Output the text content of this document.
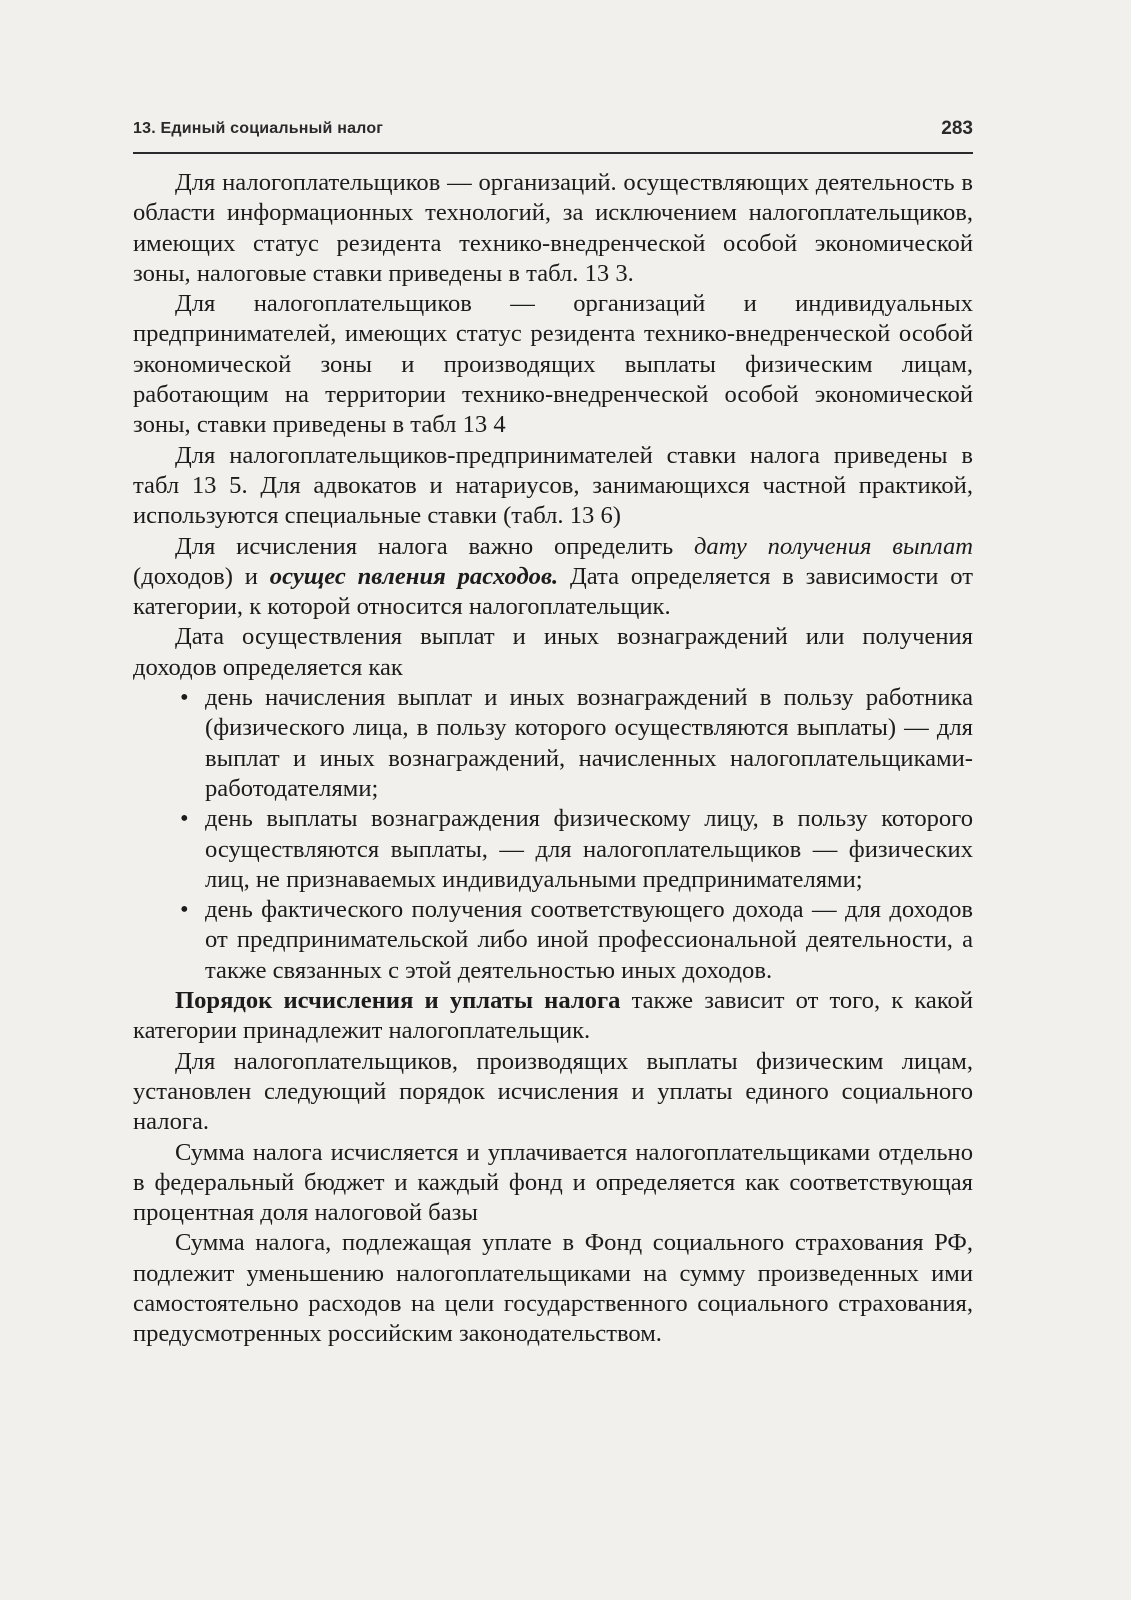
13. Единый социальный налог	283

Для налогоплательщиков — организаций. осуществляющих деятельность в области информационных технологий, за исключением налогоплательщиков, имеющих статус резидента технико-внедренческой особой экономической зоны, налоговые ставки приведены в табл. 13 3.

Для налогоплательщиков — организаций и индивидуальных предпринимателей, имеющих статус резидента технико-внедренческой особой экономической зоны и производящих выплаты физическим лицам, работающим на территории технико-внедренческой особой экономической зоны, ставки приведены в табл 13 4

Для налогоплательщиков-предпринимателей ставки налога приведены в табл 13 5. Для адвокатов и натариусов, занимающихся частной практикой, используются специальные ставки (табл. 13 6)

Для исчисления налога важно определить дату получения выплат (доходов) и осущес пвления расходов. Дата определяется в зависимости от категории, к которой относится налогоплательщик.

Дата осуществления выплат и иных вознаграждений или получения доходов определяется как

• день начисления выплат и иных вознаграждений в пользу работника (физического лица, в пользу которого осуществляются выплаты) — для выплат и иных вознаграждений, начисленных налогоплательщиками-работодателями;
• день выплаты вознаграждения физическому лицу, в пользу которого осуществляются выплаты, — для налогоплательщиков — физических лиц, не признаваемых индивидуальными предпринимателями;
• день фактического получения соответствующего дохода — для доходов от предпринимательской либо иной профессиональной деятельности, а также связанных с этой деятельностью иных доходов.

Порядок исчисления и уплаты налога также зависит от того, к какой категории принадлежит налогоплательщик.

Для налогоплательщиков, производящих выплаты физическим лицам, установлен следующий порядок исчисления и уплаты единого социального налога.

Сумма налога исчисляется и уплачивается налогоплательщиками отдельно в федеральный бюджет и каждый фонд и определяется как соответствующая процентная доля налоговой базы

Сумма налога, подлежащая уплате в Фонд социального страхования РФ, подлежит уменьшению налогоплательщиками на сумму произведенных ими самостоятельно расходов на цели государственного социального страхования, предусмотренных российским законодательством.
